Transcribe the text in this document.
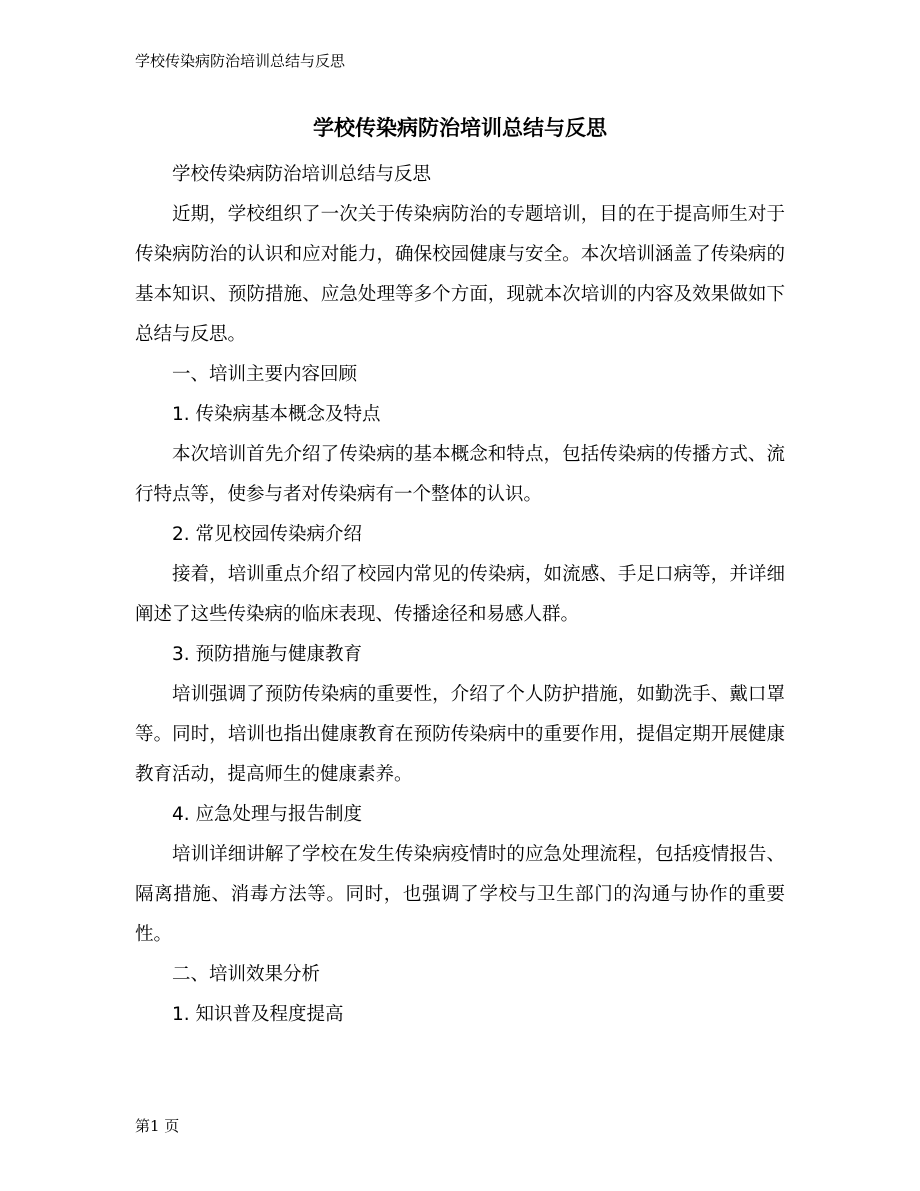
学校传染病防治培训总结与反思
学校传染病防治培训总结与反思

学校传染病防治培训总结与反思

近期，学校组织了一次关于传染病防治的专题培训，目的在于提高师生对于传染病防治的认识和应对能力，确保校园健康与安全。本次培训涵盖了传染病的基本知识、预防措施、应急处理等多个方面，现就本次培训的内容及效果做如下总结与反思。

一、培训主要内容回顾

1. 传染病基本概念及特点

本次培训首先介绍了传染病的基本概念和特点，包括传染病的传播方式、流行特点等，使参与者对传染病有一个整体的认识。

2. 常见校园传染病介绍

接着，培训重点介绍了校园内常见的传染病，如流感、手足口病等，并详细阐述了这些传染病的临床表现、传播途径和易感人群。

3. 预防措施与健康教育

培训强调了预防传染病的重要性，介绍了个人防护措施，如勤洗手、戴口罩等。同时，培训也指出健康教育在预防传染病中的重要作用，提倡定期开展健康教育活动，提高师生的健康素养。

4. 应急处理与报告制度

培训详细讲解了学校在发生传染病疫情时的应急处理流程，包括疫情报告、隔离措施、消毒方法等。同时，也强调了学校与卫生部门的沟通与协作的重要性。

二、培训效果分析

1. 知识普及程度提高

第1 页
